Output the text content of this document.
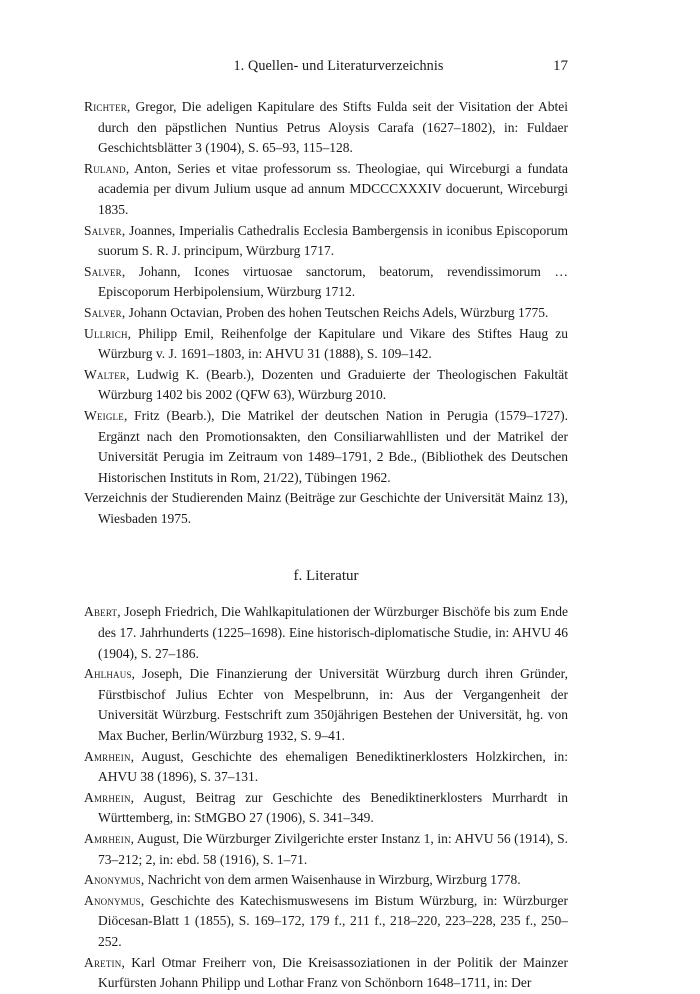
1. Quellen- und Literaturverzeichnis	17

Richter, Gregor, Die adeligen Kapitulare des Stifts Fulda seit der Visitation der Abtei durch den päpstlichen Nuntius Petrus Aloysis Carafa (1627–1802), in: Fuldaer Geschichtsblätter 3 (1904), S. 65–93, 115–128.

Ruland, Anton, Series et vitae professorum ss. Theologiae, qui Wirceburgi a fundata academia per divum Julium usque ad annum MDCCCXXXIV docuerunt, Wirceburgi 1835.

Salver, Joannes, Imperialis Cathedralis Ecclesia Bambergensis in iconibus Episcoporum suorum S. R. J. principum, Würzburg 1717.

Salver, Johann, Icones virtuosae sanctorum, beatorum, revendissimorum … Episcoporum Herbipolensium, Würzburg 1712.

Salver, Johann Octavian, Proben des hohen Teutschen Reichs Adels, Würzburg 1775.

Ullrich, Philipp Emil, Reihenfolge der Kapitulare und Vikare des Stiftes Haug zu Würzburg v. J. 1691–1803, in: AHVU 31 (1888), S. 109–142.

Walter, Ludwig K. (Bearb.), Dozenten und Graduierte der Theologischen Fakultät Würzburg 1402 bis 2002 (QFW 63), Würzburg 2010.

Weigle, Fritz (Bearb.), Die Matrikel der deutschen Nation in Perugia (1579–1727). Ergänzt nach den Promotionsakten, den Consiliarwahllisten und der Matrikel der Universität Perugia im Zeitraum von 1489–1791, 2 Bde., (Bibliothek des Deutschen Historischen Instituts in Rom, 21/22), Tübingen 1962.

Verzeichnis der Studierenden Mainz (Beiträge zur Geschichte der Universität Mainz 13), Wiesbaden 1975.

f. Literatur

Abert, Joseph Friedrich, Die Wahlkapitulationen der Würzburger Bischöfe bis zum Ende des 17. Jahrhunderts (1225–1698). Eine historisch-diplomatische Studie, in: AHVU 46 (1904), S. 27–186.

Ahlhaus, Joseph, Die Finanzierung der Universität Würzburg durch ihren Gründer, Fürstbischof Julius Echter von Mespelbrunn, in: Aus der Vergangenheit der Universität Würzburg. Festschrift zum 350jährigen Bestehen der Universität, hg. von Max Bucher, Berlin/Würzburg 1932, S. 9–41.

Amrhein, August, Geschichte des ehemaligen Benediktinerklosters Holzkirchen, in: AHVU 38 (1896), S. 37–131.

Amrhein, August, Beitrag zur Geschichte des Benediktinerklosters Murrhardt in Württemberg, in: StMGBO 27 (1906), S. 341–349.

Amrhein, August, Die Würzburger Zivilgerichte erster Instanz 1, in: AHVU 56 (1914), S. 73–212; 2, in: ebd. 58 (1916), S. 1–71.

Anonymus, Nachricht von dem armen Waisenhause in Wirzburg, Wirzburg 1778.

Anonymus, Geschichte des Katechismuswesens im Bistum Würzburg, in: Würzburger Diöcesan-Blatt 1 (1855), S. 169–172, 179 f., 211 f., 218–220, 223–228, 235 f., 250–252.

Aretin, Karl Otmar Freiherr von, Die Kreisassoziationen in der Politik der Mainzer Kurfürsten Johann Philipp und Lothar Franz von Schönborn 1648–1711, in: Der
